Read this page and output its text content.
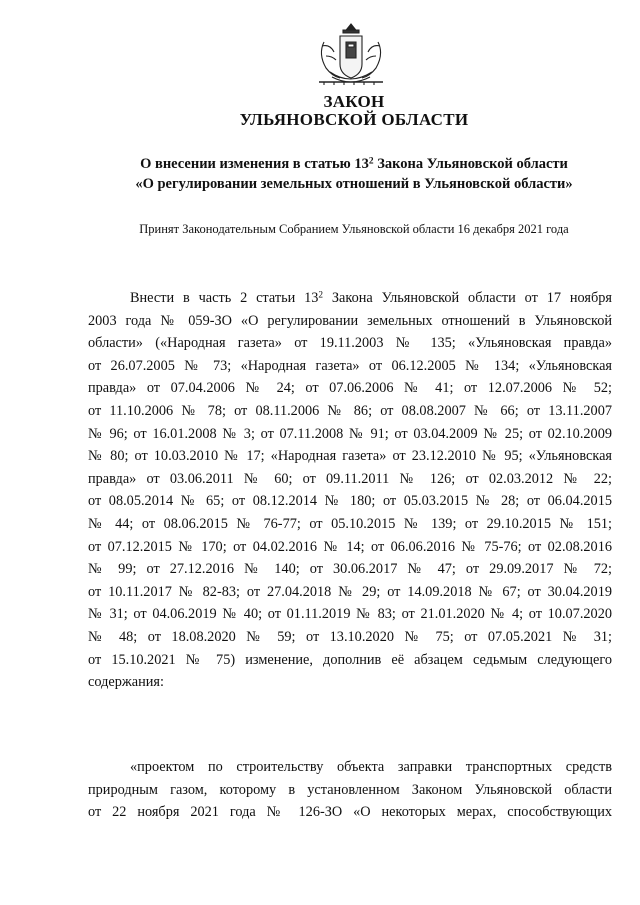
ЗАКОН
УЛЬЯНОВСКОЙ ОБЛАСТИ

О внесении изменения в статью $13^2$ Закона Ульяновской области

«О регулировании земельных отношений в Ульяновской области»

Принят Законодательным Собранием Ульяновской области 16 декабря 2021 года

Внести в часть 2 статьи $13^2$ Закона Ульяновской области от 17 ноября
2003 года № 059-ЗО «О регулировании земельных отношений в Ульяновской
области» («Народная газета» от 19.11.2003 № 135; «Ульяновская правда»
от 26.07.2005 № 73; «Народная газета» от 06.12.2005 № 134; «Ульяновская
правда» от 07.04.2006 № 24; от 07.06.2006 № 41; от 12.07.2006 № 52;
от 11.10.2006 № 78; от 08.11.2006 № 86; от 08.08.2007 № 66; от 13.11.2007
№ 96; от 16.01.2008 № 3; от 07.11.2008 № 91; от 03.04.2009 № 25; от 02.10.2009
№ 80; от 10.03.2010 № 17; «Народная газета» от 23.12.2010 № 95; «Ульяновская
правда» от 03.06.2011 № 60; от 09.11.2011 № 126; от 02.03.2012 № 22;
от 08.05.2014 № 65; от 08.12.2014 № 180; от 05.03.2015 № 28; от 06.04.2015
№ 44; от 08.06.2015 № 76-77; от 05.10.2015 № 139; от 29.10.2015 № 151;
от 07.12.2015 № 170; от 04.02.2016 № 14; от 06.06.2016 № 75-76; от 02.08.2016
№ 99; от 27.12.2016 № 140; от 30.06.2017 № 47; от 29.09.2017 № 72;
от 10.11.2017 № 82-83; от 27.04.2018 № 29; от 14.09.2018 № 67; от 30.04.2019
№ 31; от 04.06.2019 № 40; от 01.11.2019 № 83; от 21.01.2020 № 4; от 10.07.2020
№ 48; от 18.08.2020 № 59; от 13.10.2020 № 75; от 07.05.2021 № 31;
от 15.10.2021 № 75) изменение, дополнив её абзацем седьмым следующего
содержания:
«проектом по строительству объекта заправки транспортных средств
природным газом, которому в установленном Законом Ульяновской области
от 22 ноября 2021 года № 126-ЗО «О некоторых мерах, способствующих
